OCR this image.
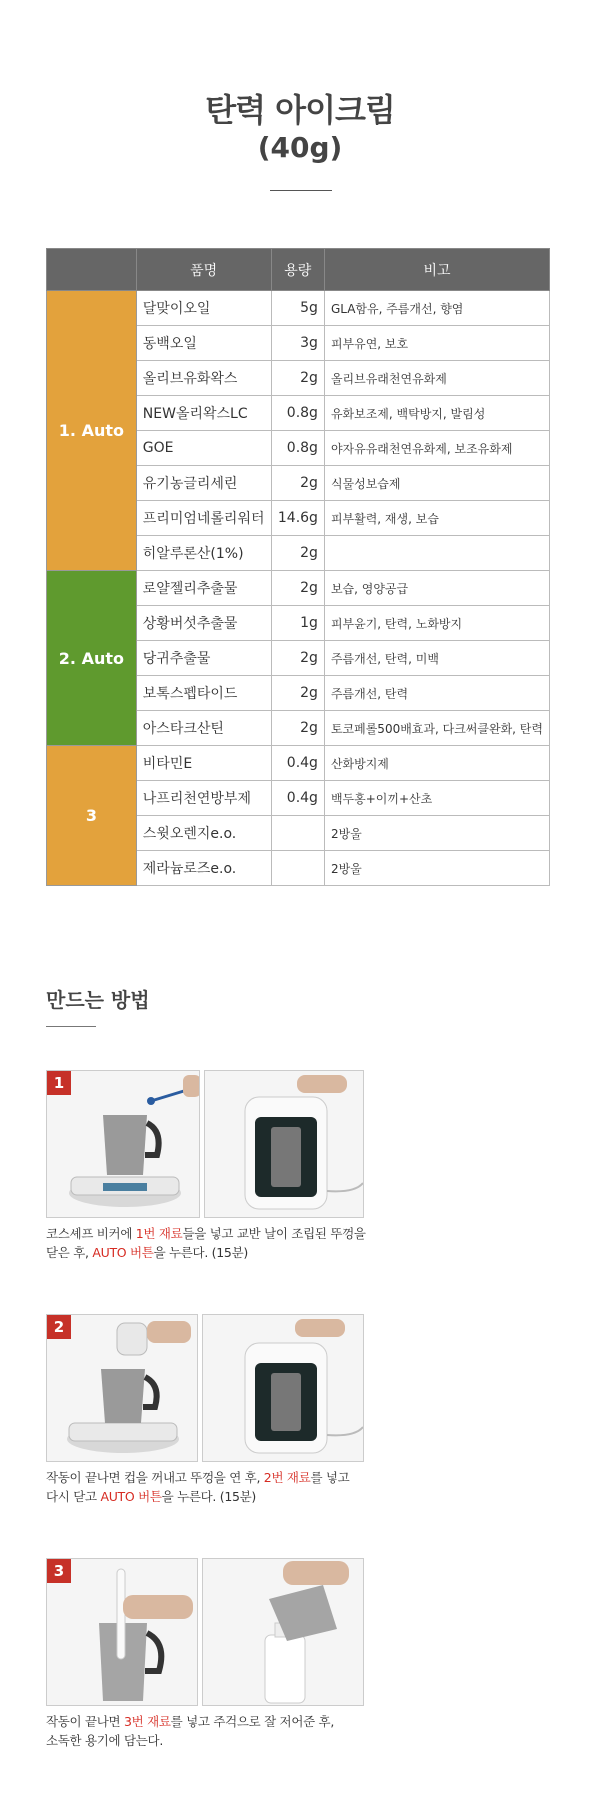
탄력 아이크림
(40g)
	품명	용량	비고
1. Auto	달맞이오일	5g	GLA함유, 주름개선, 향염
	동백오일	3g	피부유연, 보호
	올리브유화왁스	2g	올리브유래천연유화제
	NEW올리왁스LC	0.8g	유화보조제, 백탁방지, 발림성
	GOE	0.8g	야자유유래천연유화제, 보조유화제
	유기농글리세린	2g	식물성보습제
	프리미엄네롤리워터	14.6g	피부활력, 재생, 보습
	히알루론산(1%)	2g	
2. Auto	로얄젤리추출물	2g	보습, 영양공급
	상황버섯추출물	1g	피부윤기, 탄력, 노화방지
	당귀추출물	2g	주름개선, 탄력, 미백
	보톡스펩타이드	2g	주름개선, 탄력
	아스타크산틴	2g	토코페롤500배효과, 다크써클완화, 탄력
3	비타민E	0.4g	산화방지제
	나프리천연방부제	0.4g	백두홍+이끼+산초
	스윗오렌지e.o.		2방울
	제라늄로즈e.o.		2방울
만드는 방법
1
코스셰프 비커에 1번 재료들을 넣고 교반 날이 조립된 뚜껑을
닫은 후, AUTO 버튼을 누른다. (15분)
2
작동이 끝나면 컵을 꺼내고 뚜껑을 연 후, 2번 재료를 넣고
다시 닫고 AUTO 버튼을 누른다. (15분)
3
작동이 끝나면 3번 재료를 넣고 주걱으로 잘 저어준 후,
소독한 용기에 담는다.
